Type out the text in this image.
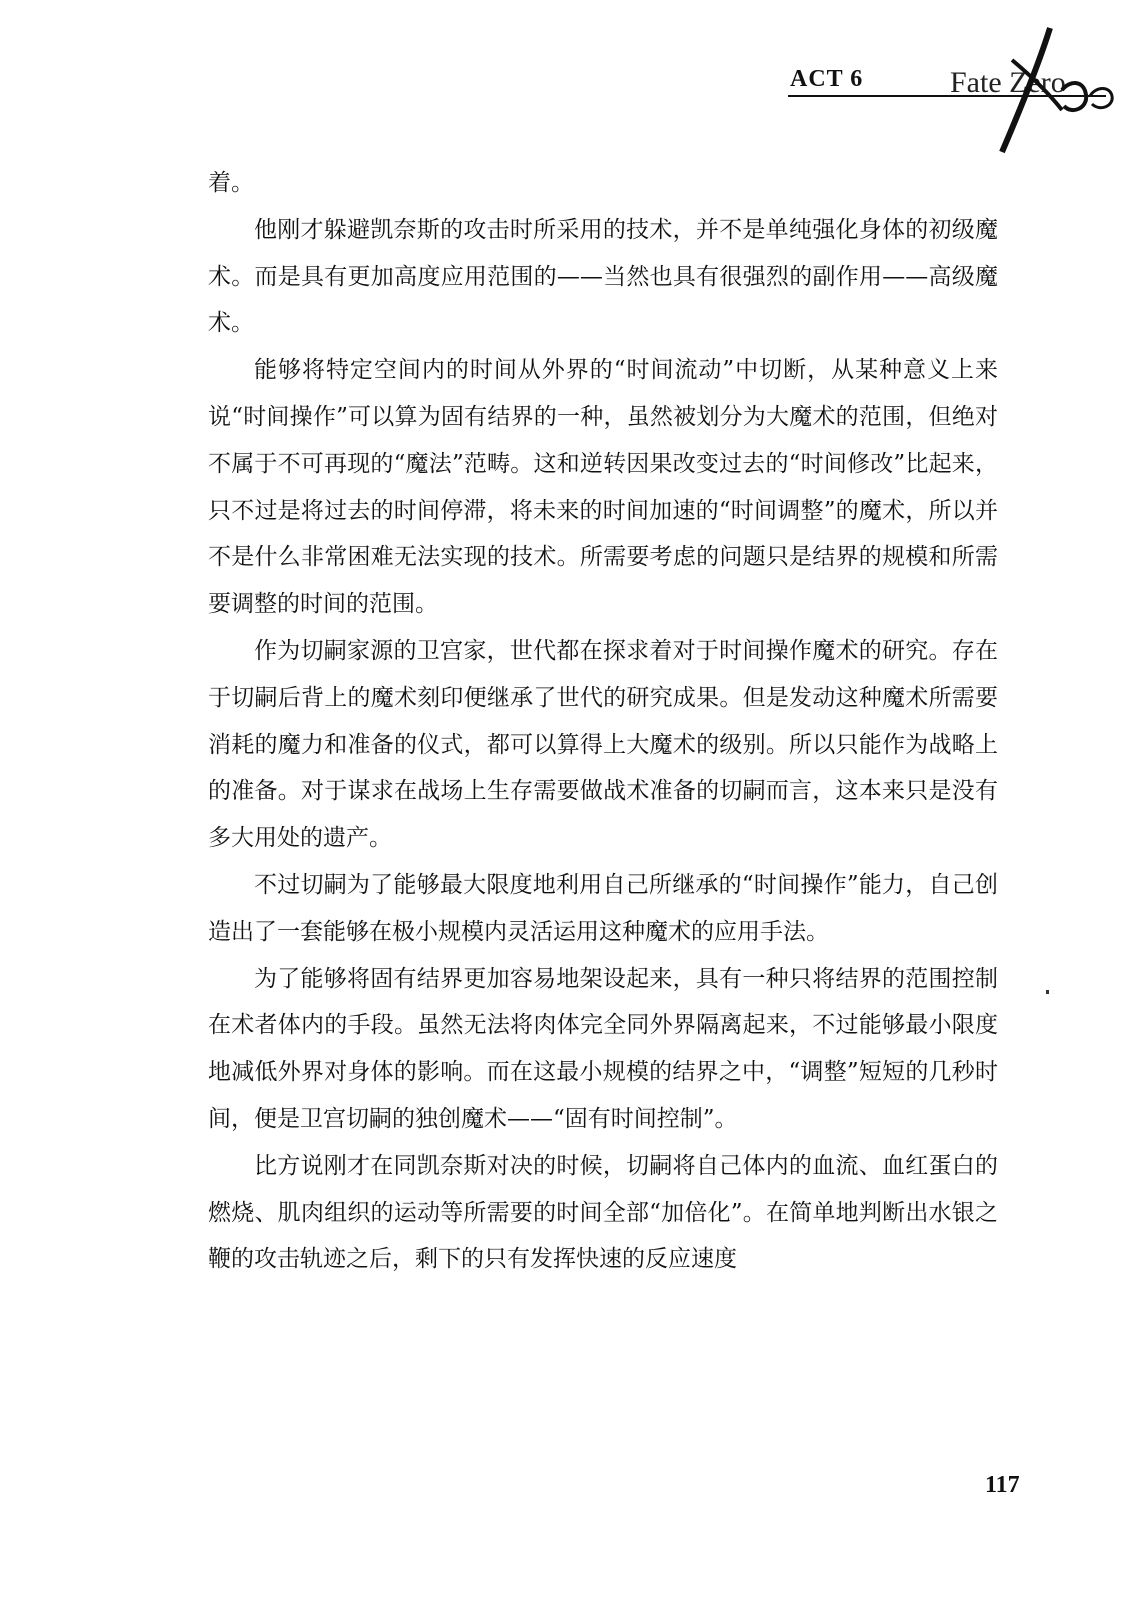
ACT 6	Fate Zero

着。

他刚才躲避凯奈斯的攻击时所采用的技术，并不是单纯强化身体的初级魔术。而是具有更加高度应用范围的——当然也具有很强烈的副作用——高级魔术。

能够将特定空间内的时间从外界的“时间流动”中切断，从某种意义上来说“时间操作”可以算为固有结界的一种，虽然被划分为大魔术的范围，但绝对不属于不可再现的“魔法”范畴。这和逆转因果改变过去的“时间修改”比起来，只不过是将过去的时间停滞，将未来的时间加速的“时间调整”的魔术，所以并不是什么非常困难无法实现的技术。所需要考虑的问题只是结界的规模和所需要调整的时间的范围。

作为切嗣家源的卫宫家，世代都在探求着对于时间操作魔术的研究。存在于切嗣后背上的魔术刻印便继承了世代的研究成果。但是发动这种魔术所需要消耗的魔力和准备的仪式，都可以算得上大魔术的级别。所以只能作为战略上的准备。对于谋求在战场上生存需要做战术准备的切嗣而言，这本来只是没有多大用处的遗产。

不过切嗣为了能够最大限度地利用自己所继承的“时间操作”能力，自己创造出了一套能够在极小规模内灵活运用这种魔术的应用手法。

为了能够将固有结界更加容易地架设起来，具有一种只将结界的范围控制在术者体内的手段。虽然无法将肉体完全同外界隔离起来，不过能够最小限度地减低外界对身体的影响。而在这最小规模的结界之中，“调整”短短的几秒时间，便是卫宫切嗣的独创魔术——“固有时间控制”。

比方说刚才在同凯奈斯对决的时候，切嗣将自己体内的血流、血红蛋白的燃烧、肌肉组织的运动等所需要的时间全部“加倍化”。在简单地判断出水银之鞭的攻击轨迹之后，剩下的只有发挥快速的反应速度

117
